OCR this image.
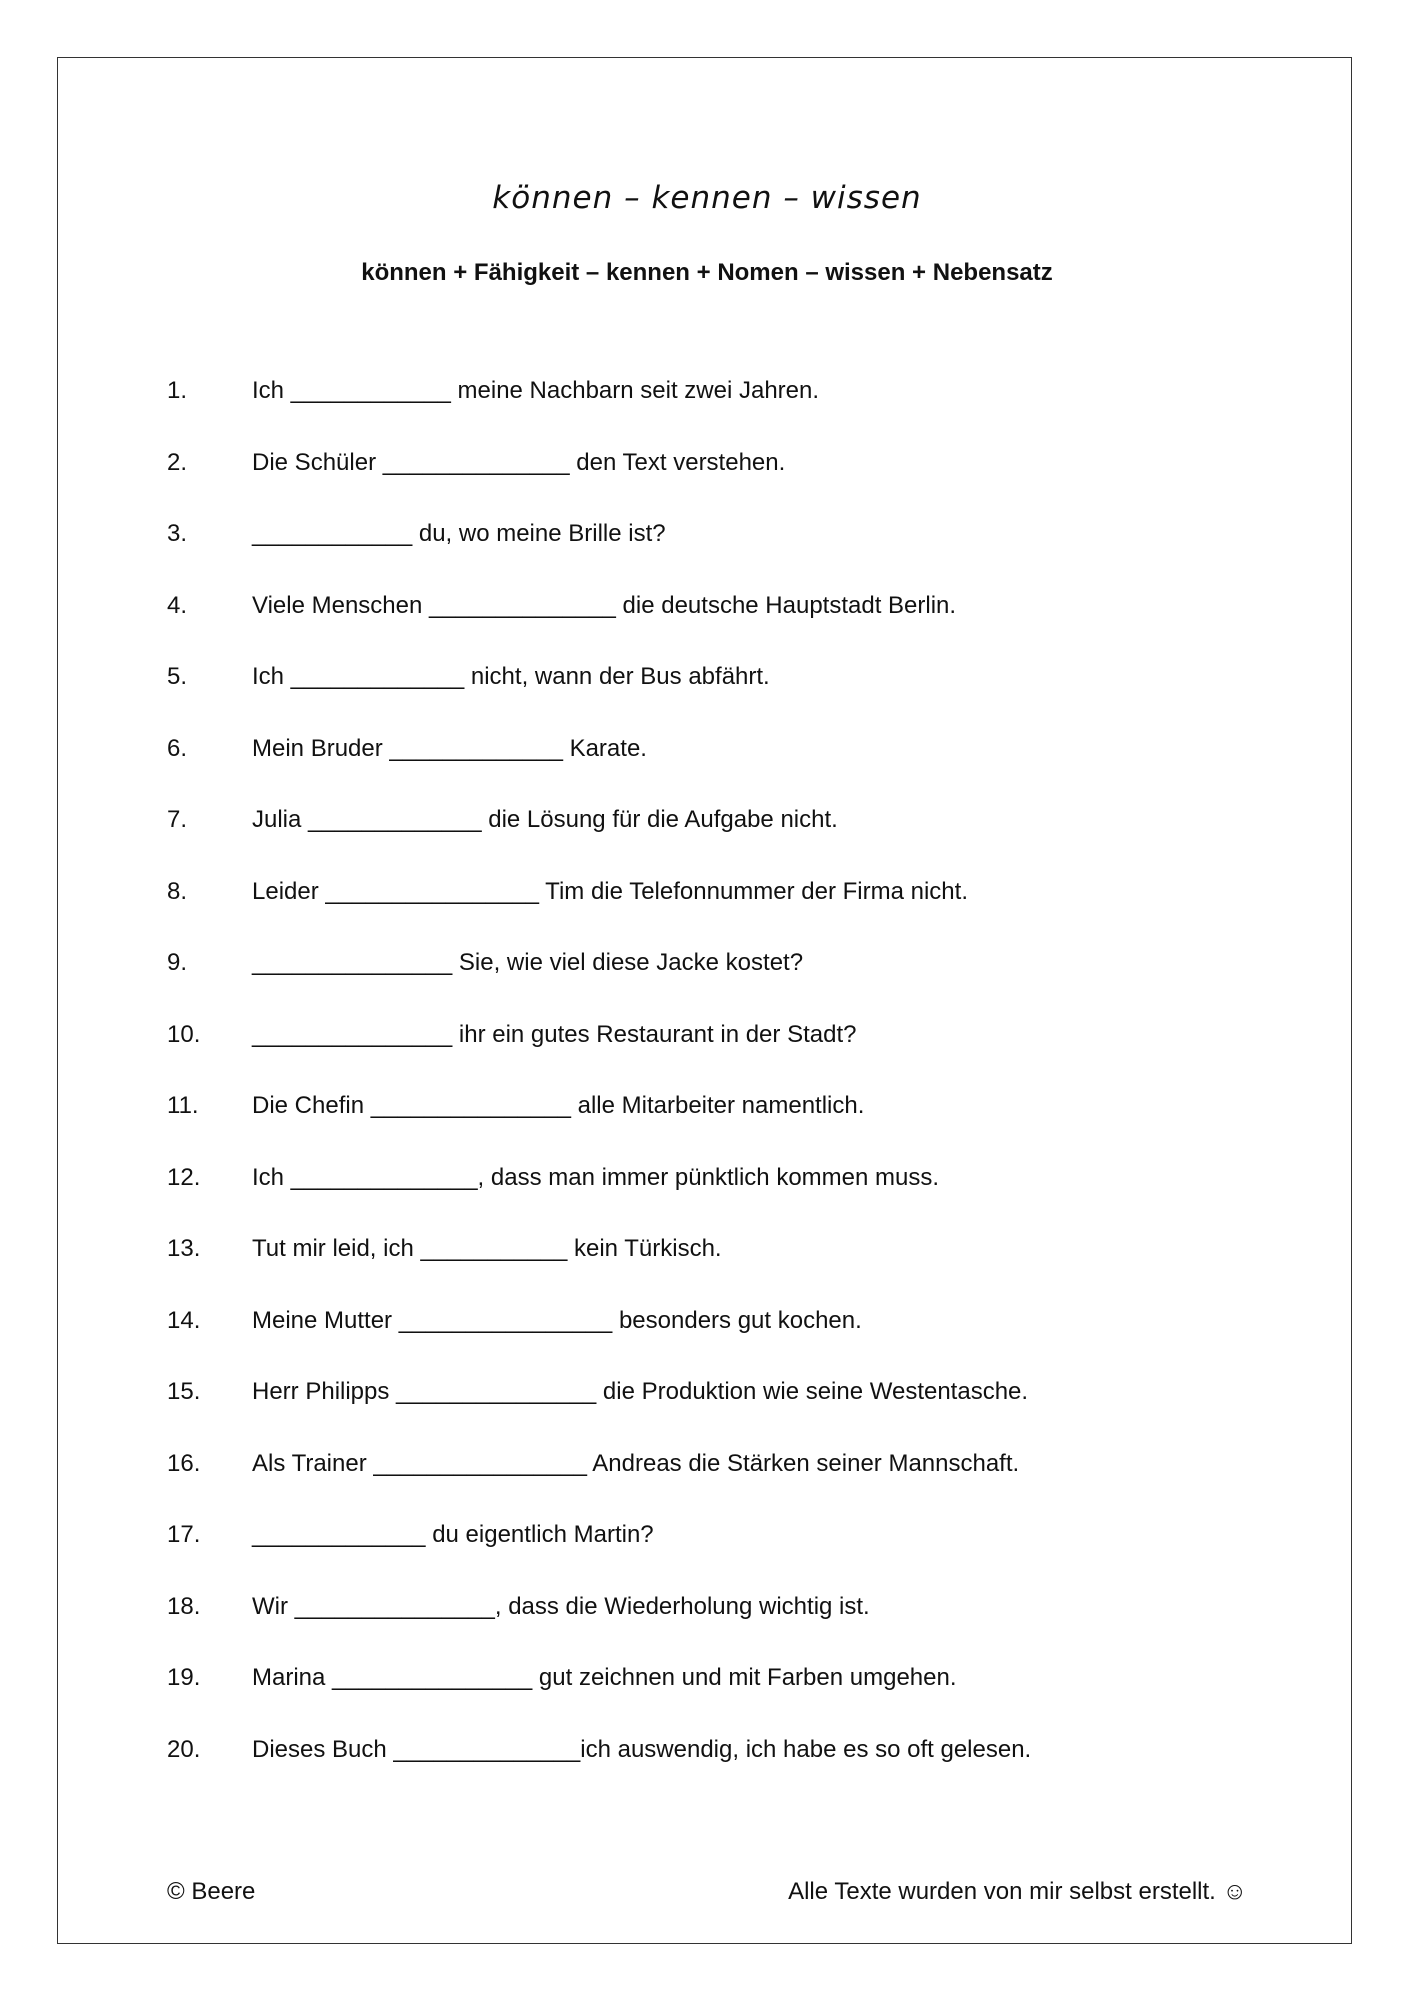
können – kennen – wissen
können + Fähigkeit – kennen + Nomen – wissen + Nebensatz
1.	Ich ____________ meine Nachbarn seit zwei Jahren.
2.	Die Schüler ______________ den Text verstehen.
3.	____________ du, wo meine Brille ist?
4.	Viele Menschen ______________ die deutsche Hauptstadt Berlin.
5.	Ich _____________ nicht, wann der Bus abfährt.
6.	Mein Bruder _____________ Karate.
7.	Julia _____________ die Lösung für die Aufgabe nicht.
8.	Leider ________________ Tim die Telefonnummer der Firma nicht.
9.	_______________ Sie, wie viel diese Jacke kostet?
10.	_______________ ihr ein gutes Restaurant in der Stadt?
11.	Die Chefin _______________ alle Mitarbeiter namentlich.
12.	Ich ______________, dass man immer pünktlich kommen muss.
13.	Tut mir leid, ich ___________ kein Türkisch.
14.	Meine Mutter ________________ besonders gut kochen.
15.	Herr Philipps _______________ die Produktion wie seine Westentasche.
16.	Als Trainer ________________ Andreas die Stärken seiner Mannschaft.
17.	_____________ du eigentlich Martin?
18.	Wir _______________, dass die Wiederholung wichtig ist.
19.	Marina _______________ gut zeichnen und mit Farben umgehen.
20.	Dieses Buch ______________ich auswendig, ich habe es so oft gelesen.
© Beere	Alle Texte wurden von mir selbst erstellt. ☺
